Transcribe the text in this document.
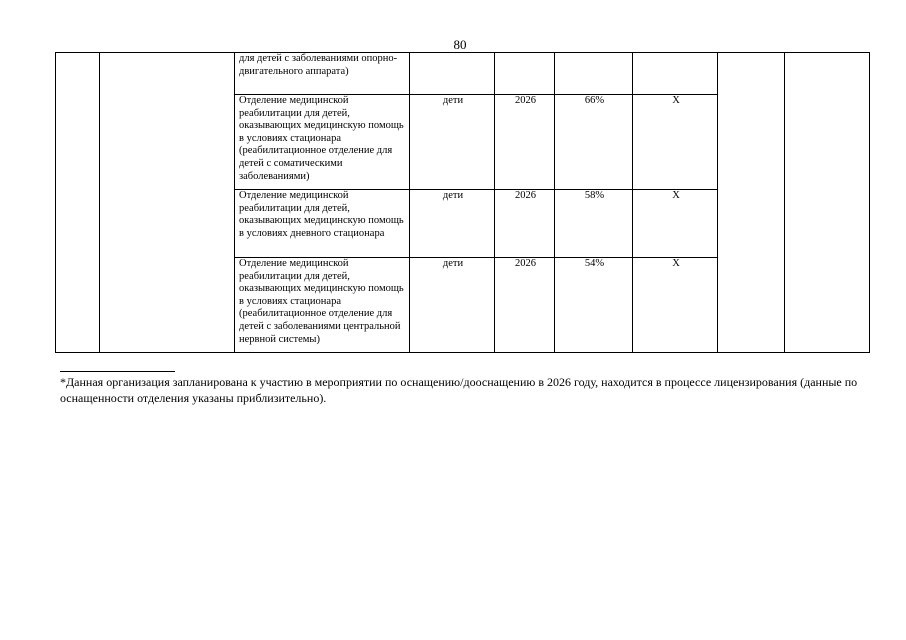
80
		для детей с заболеваниями опорно-двигательного аппарата)						
		Отделение медицинской реабилитации для детей, оказывающих медицинскую помощь в условиях стационара (реабилитационное отделение для детей с соматическими заболеваниями)	дети	2026	66%	Х		
		Отделение медицинской реабилитации для детей, оказывающих медицинскую помощь в условиях дневного стационара	дети	2026	58%	Х		
		Отделение медицинской реабилитации для детей, оказывающих медицинскую помощь в условиях стационара (реабилитационное отделение для детей с заболеваниями центральной нервной системы)	дети	2026	54%	Х		
*Данная организация запланирована к участию в мероприятии по оснащению/дооснащению в 2026 году, находится в процессе лицензирования (данные по оснащенности отделения указаны приблизительно).
